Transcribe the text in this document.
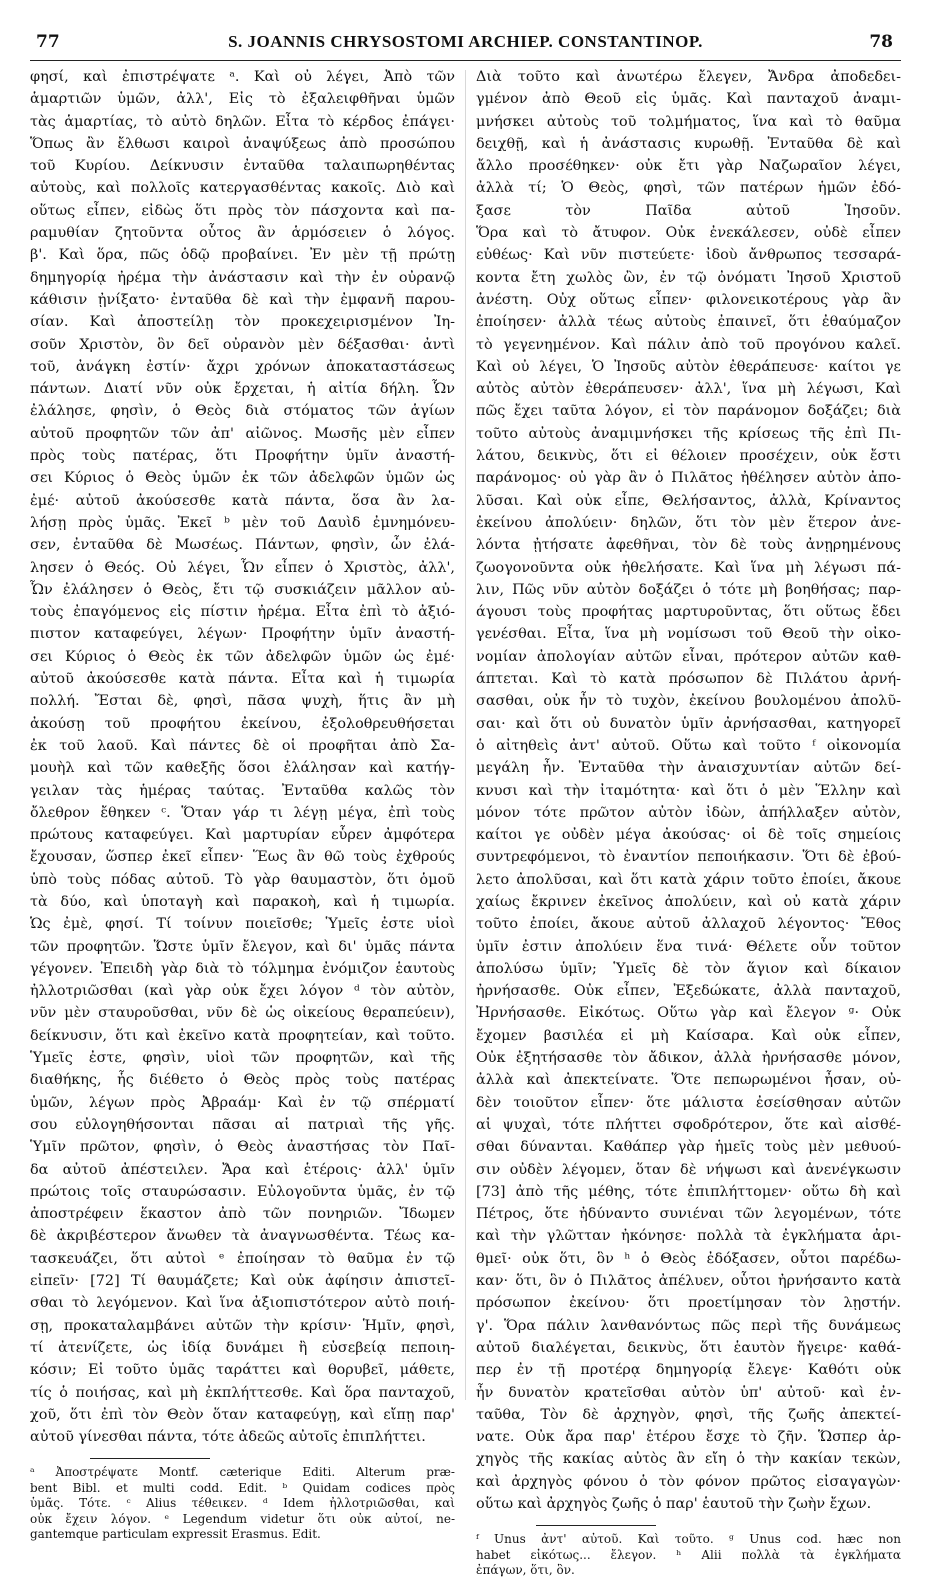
77	S. JOANNIS CHRYSOSTOMI ARCHIEP. CONSTANTINOP.	78
φησί, καὶ ἐπιστρέψατε ᵃ. Καὶ οὐ λέγει, Ἀπὸ τῶν
ἁμαρτιῶν ὑμῶν, ἀλλ', Εἰς τὸ ἐξαλειφθῆναι ὑμῶν
τὰς ἁμαρτίας, τὸ αὐτὸ δηλῶν. Εἶτα τὸ κέρδος ἐπάγει·
Ὅπως ἂν ἔλθωσι καιροὶ ἀναψύξεως ἀπὸ προσώπου
τοῦ Κυρίου. Δείκνυσιν ἐνταῦθα ταλαιπωρηθέντας
αὐτοὺς, καὶ πολλοῖς κατεργασθέντας κακοῖς. Διὸ καὶ
οὕτως εἶπεν, εἰδὼς ὅτι πρὸς τὸν πάσχοντα καὶ πα-
ραμυθίαν ζητοῦντα οὗτος ἂν ἁρμόσειεν ὁ λόγος.
β'. Καὶ ὅρα, πῶς ὁδῷ προβαίνει. Ἐν μὲν τῇ πρώτῃ
δημηγορίᾳ ἠρέμα τὴν ἀνάστασιν καὶ τὴν ἐν οὐρανῷ
κάθισιν ᾐνίξατο· ἐνταῦθα δὲ καὶ τὴν ἐμφανῆ παρου-
σίαν. Καὶ ἀποστείλῃ τὸν προκεχειρισμένον Ἰη-
σοῦν Χριστὸν, ὃν δεῖ οὐρανὸν μὲν δέξασθαι· ἀντὶ
τοῦ, ἀνάγκη ἐστίν· ἄχρι χρόνων ἀποκαταστάσεως
πάντων. Διατί νῦν οὐκ ἔρχεται, ἡ αἰτία δήλη. Ὧν
ἐλάλησε, φησὶν, ὁ Θεὸς διὰ στόματος τῶν ἁγίων
αὐτοῦ προφητῶν τῶν ἀπ' αἰῶνος. Μωσῆς μὲν εἶπεν
πρὸς τοὺς πατέρας, ὅτι Προφήτην ὑμῖν ἀναστή-
σει Κύριος ὁ Θεὸς ὑμῶν ἐκ τῶν ἀδελφῶν ὑμῶν ὡς
ἐμέ· αὐτοῦ ἀκούσεσθε κατὰ πάντα, ὅσα ἂν λα-
λήσῃ πρὸς ὑμᾶς. Ἐκεῖ ᵇ μὲν τοῦ Δαυὶδ ἐμνημόνευ-
σεν, ἐνταῦθα δὲ Μωσέως. Πάντων, φησὶν, ὧν ἐλά-
λησεν ὁ Θεός. Οὐ λέγει, Ὧν εἶπεν ὁ Χριστὸς, ἀλλ',
Ὧν ἐλάλησεν ὁ Θεὸς, ἔτι τῷ συσκιάζειν μᾶλλον αὐ-
τοὺς ἐπαγόμενος εἰς πίστιν ἠρέμα. Εἶτα ἐπὶ τὸ ἀξιό-
πιστον καταφεύγει, λέγων· Προφήτην ὑμῖν ἀναστή-
σει Κύριος ὁ Θεὸς ἐκ τῶν ἀδελφῶν ὑμῶν ὡς ἐμέ·
αὐτοῦ ἀκούσεσθε κατὰ πάντα. Εἶτα καὶ ἡ τιμωρία
πολλή. Ἔσται δὲ, φησὶ, πᾶσα ψυχὴ, ἥτις ἂν μὴ
ἀκούσῃ τοῦ προφήτου ἐκείνου, ἐξολοθρευθήσεται
ἐκ τοῦ λαοῦ. Καὶ πάντες δὲ οἱ προφῆται ἀπὸ Σα-
μουὴλ καὶ τῶν καθεξῆς ὅσοι ἐλάλησαν καὶ κατήγ-
γειλαν τὰς ἡμέρας ταύτας. Ἐνταῦθα καλῶς τὸν
ὄλεθρον ἔθηκεν ᶜ. Ὅταν γάρ τι λέγῃ μέγα, ἐπὶ τοὺς
πρώτους καταφεύγει. Καὶ μαρτυρίαν εὗρεν ἀμφότερα
ἔχουσαν, ὥσπερ ἐκεῖ εἶπεν· Ἕως ἂν θῶ τοὺς ἐχθρούς
ὑπὸ τοὺς πόδας αὐτοῦ. Τὸ γὰρ θαυμαστὸν, ὅτι ὁμοῦ
τὰ δύο, καὶ ὑποταγὴ καὶ παρακοὴ, καὶ ἡ τιμωρία.
Ὡς ἐμὲ, φησί. Τί τοίνυν ποιεῖσθε; Ὑμεῖς ἐστε υἱοὶ
τῶν προφητῶν. Ὥστε ὑμῖν ἔλεγον, καὶ δι' ὑμᾶς πάντα
γέγονεν. Ἐπειδὴ γὰρ διὰ τὸ τόλμημα ἐνόμιζον ἑαυτοὺς
ἠλλοτριῶσθαι (καὶ γὰρ οὐκ ἔχει λόγον ᵈ τὸν αὐτὸν,
νῦν μὲν σταυροῦσθαι, νῦν δὲ ὡς οἰκείους θεραπεύειν),
δείκνυσιν, ὅτι καὶ ἐκεῖνο κατὰ προφητείαν, καὶ τοῦτο.
Ὑμεῖς ἐστε, φησὶν, υἱοὶ τῶν προφητῶν, καὶ τῆς
διαθήκης, ἧς διέθετο ὁ Θεὸς πρὸς τοὺς πατέρας
ὑμῶν, λέγων πρὸς Ἀβραάμ· Καὶ ἐν τῷ σπέρματί
σου εὐλογηθήσονται πᾶσαι αἱ πατριαὶ τῆς γῆς.
Ὑμῖν πρῶτον, φησὶν, ὁ Θεὸς ἀναστήσας τὸν Παῖ-
δα αὐτοῦ ἀπέστειλεν. Ἄρα καὶ ἑτέροις· ἀλλ' ὑμῖν
πρώτοις τοῖς σταυρώσασιν. Εὐλογοῦντα ὑμᾶς, ἐν τῷ
ἀποστρέφειν ἕκαστον ἀπὸ τῶν πονηριῶν. Ἴδωμεν
δὲ ἀκριβέστερον ἄνωθεν τὰ ἀναγνωσθέντα. Τέως κα-
τασκευάζει, ὅτι αὐτοὶ ᵉ ἐποίησαν τὸ θαῦμα ἐν τῷ
εἰπεῖν· [72] Τί θαυμάζετε; Καὶ οὐκ ἀφίησιν ἀπιστεῖ-
σθαι τὸ λεγόμενον. Καὶ ἵνα ἀξιοπιστότερον αὐτὸ ποιή-
σῃ, προκαταλαμβάνει αὐτῶν τὴν κρίσιν· Ἡμῖν, φησὶ,
τί ἀτενίζετε, ὡς ἰδίᾳ δυνάμει ἢ εὐσεβείᾳ πεποιη-
κόσιν; Εἰ τοῦτο ὑμᾶς ταράττει καὶ θορυβεῖ, μάθετε,
τίς ὁ ποιήσας, καὶ μὴ ἐκπλήττεσθε. Καὶ ὅρα πανταχοῦ,
χοῦ, ὅτι ἐπὶ τὸν Θεὸν ὅταν καταφεύγῃ, καὶ εἴπῃ παρ'
αὐτοῦ γίνεσθαι πάντα, τότε ἀδεῶς αὐτοῖς ἐπιπλήττει.
ᵃ Ἀποστρέψατε Montf. cæterique Editi. Alterum præ-
bent Bibl. et multi codd. Edit. ᵇ Quidam codices πρὸς
ὑμᾶς. Τότε. ᶜ Alius τέθεικεν. ᵈ Idem ἠλλοτριῶσθαι, καὶ
οὐκ ἔχειν λόγον. ᵉ Legendum videtur ὅτι οὐκ αὐτοί, ne-
gantemque particulam expressit Erasmus. Edit.
Διὰ τοῦτο καὶ ἀνωτέρω ἔλεγεν, Ἄνδρα ἀποδεδει-
γμένον ἀπὸ Θεοῦ εἰς ὑμᾶς. Καὶ πανταχοῦ ἀναμι-
μνήσκει αὐτοὺς τοῦ τολμήματος, ἵνα καὶ τὸ θαῦμα
δειχθῇ, καὶ ἡ ἀνάστασις κυρωθῇ. Ἐνταῦθα δὲ καὶ
ἄλλο προσέθηκεν· οὐκ ἔτι γὰρ Ναζωραῖον λέγει,
ἀλλὰ τί; Ὁ Θεὸς, φησὶ, τῶν πατέρων ἡμῶν ἐδό-
ξασε τὸν Παῖδα αὐτοῦ Ἰησοῦν.
Ὅρα καὶ τὸ ἄτυφον. Οὐκ ἐνεκάλεσεν, οὐδὲ εἶπεν
εὐθέως· Καὶ νῦν πιστεύετε· ἰδοὺ ἄνθρωπος τεσσαρά-
κοντα ἔτη χωλὸς ὢν, ἐν τῷ ὀνόματι Ἰησοῦ Χριστοῦ
ἀνέστη. Οὐχ οὕτως εἶπεν· φιλονεικοτέρους γὰρ ἂν
ἐποίησεν· ἀλλὰ τέως αὐτοὺς ἐπαινεῖ, ὅτι ἐθαύμαζον
τὸ γεγενημένον. Καὶ πάλιν ἀπὸ τοῦ προγόνου καλεῖ.
Καὶ οὐ λέγει, Ὁ Ἰησοῦς αὐτὸν ἐθεράπευσε· καίτοι γε
αὐτὸς αὐτὸν ἐθεράπευσεν· ἀλλ', ἵνα μὴ λέγωσι, Καὶ
πῶς ἔχει ταῦτα λόγον, εἰ τὸν παράνομον δοξάζει; διὰ
τοῦτο αὐτοὺς ἀναμιμνήσκει τῆς κρίσεως τῆς ἐπὶ Πι-
λάτου, δεικνὺς, ὅτι εἰ θέλοιεν προσέχειν, οὐκ ἔστι
παράνομος· οὐ γὰρ ἂν ὁ Πιλᾶτος ἠθέλησεν αὐτὸν ἀπο-
λῦσαι. Καὶ οὐκ εἶπε, Θελήσαντος, ἀλλὰ, Κρίναντος
ἐκείνου ἀπολύειν· δηλῶν, ὅτι τὸν μὲν ἕτερον ἀνε-
λόντα ᾐτήσατε ἀφεθῆναι, τὸν δὲ τοὺς ἀνῃρημένους
ζωογονοῦντα οὐκ ἠθελήσατε. Καὶ ἵνα μὴ λέγωσι πά-
λιν, Πῶς νῦν αὐτὸν δοξάζει ὁ τότε μὴ βοηθήσας; παρ-
άγουσι τοὺς προφήτας μαρτυροῦντας, ὅτι οὕτως ἔδει
γενέσθαι. Εἶτα, ἵνα μὴ νομίσωσι τοῦ Θεοῦ τὴν οἰκο-
νομίαν ἀπολογίαν αὐτῶν εἶναι, πρότερον αὐτῶν καθ-
άπτεται. Καὶ τὸ κατὰ πρόσωπον δὲ Πιλάτου ἀρνή-
σασθαι, οὐκ ἦν τὸ τυχὸν, ἐκείνου βουλομένου ἀπολῦ-
σαι· καὶ ὅτι οὐ δυνατὸν ὑμῖν ἀρνήσασθαι, κατηγορεῖ
ὁ αἰτηθεὶς ἀντ' αὐτοῦ. Οὕτω καὶ τοῦτο ᶠ οἰκονομία
μεγάλη ἦν. Ἐνταῦθα τὴν ἀναισχυντίαν αὐτῶν δεί-
κνυσι καὶ τὴν ἰταμότητα· καὶ ὅτι ὁ μὲν Ἕλλην καὶ
μόνον τότε πρῶτον αὐτὸν ἰδὼν, ἀπήλλαξεν αὐτὸν,
καίτοι γε οὐδὲν μέγα ἀκούσας· οἱ δὲ τοῖς σημείοις
συντρεφόμενοι, τὸ ἐναντίον πεποιήκασιν. Ὅτι δὲ ἐβού-
λετο ἀπολῦσαι, καὶ ὅτι κατὰ χάριν τοῦτο ἐποίει, ἄκουε
χαίως ἔκρινεν ἐκεῖνος ἀπολύειν, καὶ οὐ κατὰ χάριν
τοῦτο ἐποίει, ἄκουε αὐτοῦ ἀλλαχοῦ λέγοντος· Ἔθος
ὑμῖν ἐστιν ἀπολύειν ἕνα τινά· Θέλετε οὖν τοῦτον
ἀπολύσω ὑμῖν; Ὑμεῖς δὲ τὸν ἅγιον καὶ δίκαιον
ἠρνήσασθε. Οὐκ εἶπεν, Ἐξεδώκατε, ἀλλὰ πανταχοῦ,
Ἠρνήσασθε. Εἰκότως. Οὕτω γὰρ καὶ ἔλεγον ᵍ· Οὐκ
ἔχομεν βασιλέα εἰ μὴ Καίσαρα. Καὶ οὐκ εἶπεν,
Οὐκ ἐξητήσασθε τὸν ἄδικον, ἀλλὰ ἠρνήσασθε μόνον,
ἀλλὰ καὶ ἀπεκτείνατε. Ὅτε πεπωρωμένοι ἦσαν, οὐ-
δὲν τοιοῦτον εἶπεν· ὅτε μάλιστα ἐσείσθησαν αὐτῶν
αἱ ψυχαὶ, τότε πλήττει σφοδρότερον, ὅτε καὶ αἰσθέ-
σθαι δύνανται. Καθάπερ γὰρ ἡμεῖς τοὺς μὲν μεθυού-
σιν οὐδὲν λέγομεν, ὅταν δὲ νήψωσι καὶ ἀνενέγκωσιν
[73] ἀπὸ τῆς μέθης, τότε ἐπιπλήττομεν· οὕτω δὴ καὶ
Πέτρος, ὅτε ἠδύναντο συνιέναι τῶν λεγομένων, τότε
καὶ τὴν γλῶτταν ἠκόνησε· πολλὰ τὰ ἐγκλήματα ἀρι-
θμεῖ· οὐκ ὅτι, ὃν ʰ ὁ Θεὸς ἐδόξασεν, οὗτοι παρέδω-
καν· ὅτι, ὃν ὁ Πιλᾶτος ἀπέλυεν, οὗτοι ἠρνήσαντο κατὰ
πρόσωπον ἐκείνου· ὅτι προετίμησαν τὸν λῃστήν.
γ'. Ὅρα πάλιν λανθανόντως πῶς περὶ τῆς δυνάμεως
αὐτοῦ διαλέγεται, δεικνὺς, ὅτι ἑαυτὸν ἤγειρε· καθά-
περ ἐν τῇ προτέρᾳ δημηγορίᾳ ἔλεγε· Καθότι οὐκ
ἦν δυνατὸν κρατεῖσθαι αὐτὸν ὑπ' αὐτοῦ· καὶ ἐν-
ταῦθα, Τὸν δὲ ἀρχηγὸν, φησὶ, τῆς ζωῆς ἀπεκτεί-
νατε. Οὐκ ἄρα παρ' ἑτέρου ἔσχε τὸ ζῆν. Ὥσπερ ἀρ-
χηγὸς τῆς κακίας αὐτὸς ἂν εἴη ὁ τὴν κακίαν τεκὼν,
καὶ ἀρχηγὸς φόνου ὁ τὸν φόνον πρῶτος εἰσαγαγὼν·
οὕτω καὶ ἀρχηγὸς ζωῆς ὁ παρ' ἑαυτοῦ τὴν ζωὴν ἔχων.
ᶠ Unus ἀντ' αὐτοῦ. Καὶ τοῦτο. ᵍ Unus cod. hæc non
habet εἰκότως... ἔλεγον. ʰ Alii πολλὰ τὰ ἐγκλήματα
ἐπάγων, ὅτι, ὃν.
